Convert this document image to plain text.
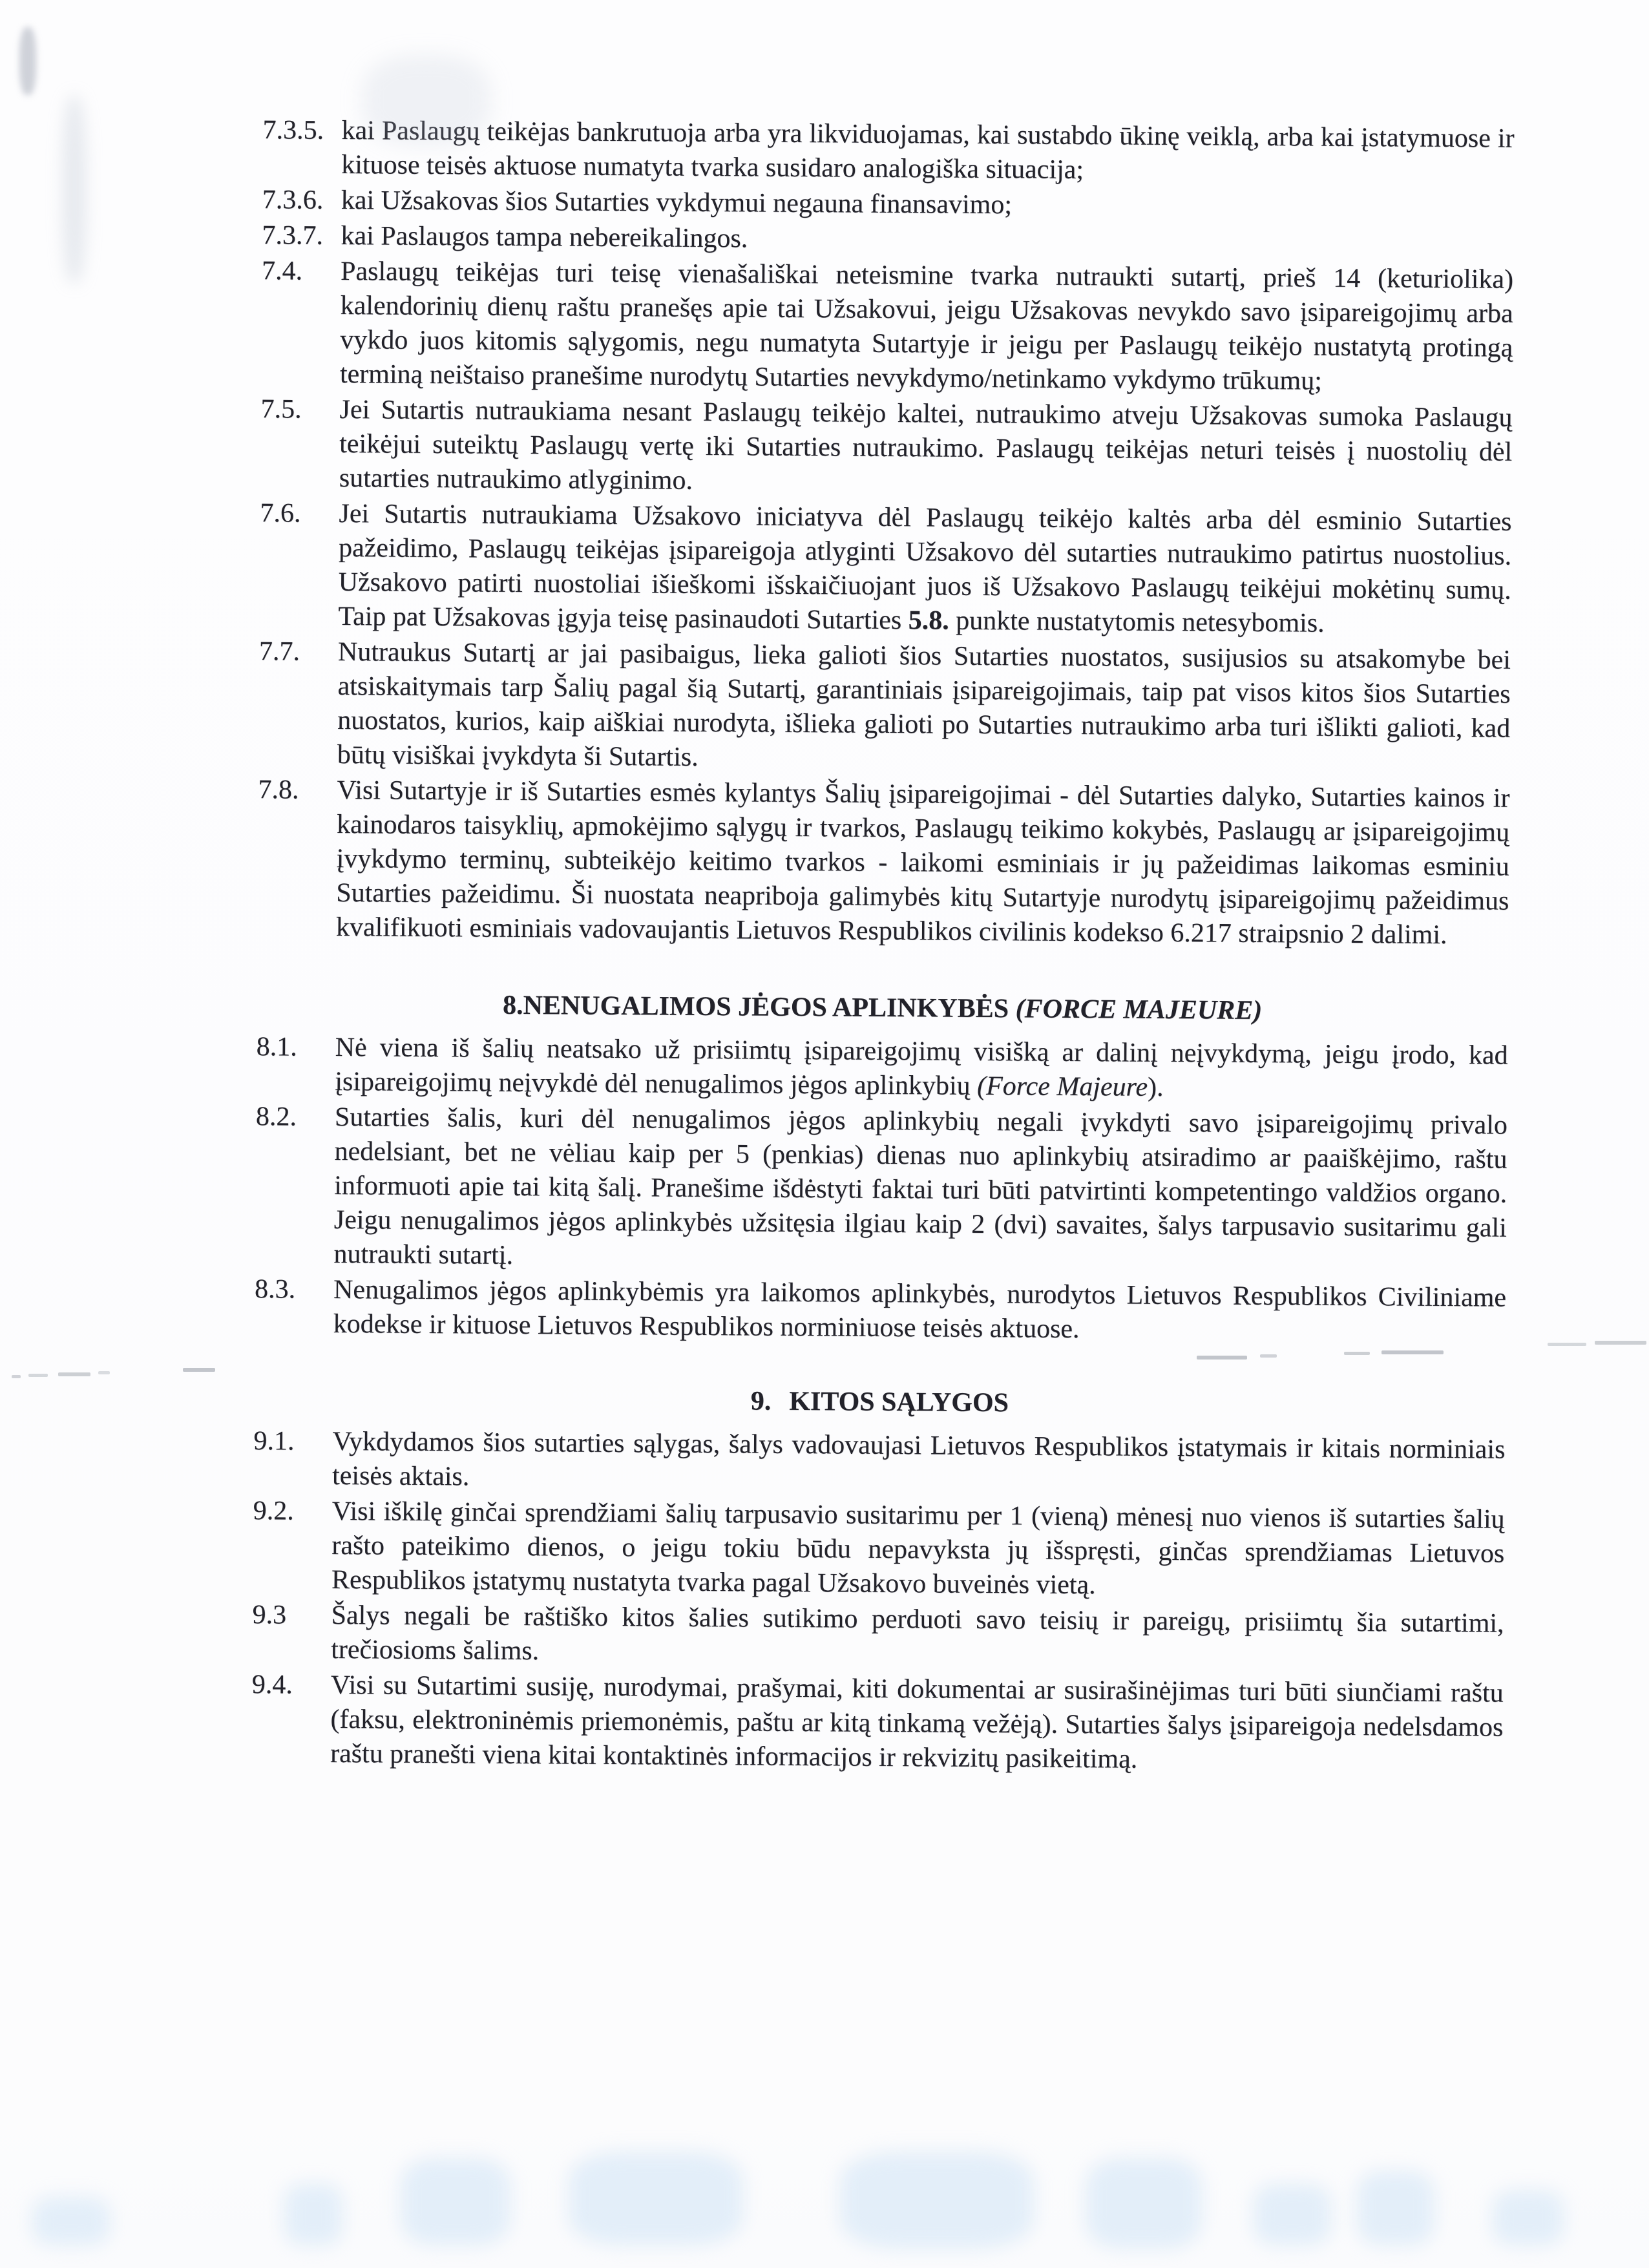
7.3.5. kai Paslaugų teikėjas bankrutuoja arba yra likviduojamas, kai sustabdo ūkinę veiklą, arba kai įstatymuose ir kituose teisės aktuose numatyta tvarka susidaro analogiška situacija;
7.3.6. kai Užsakovas šios Sutarties vykdymui negauna finansavimo;
7.3.7. kai Paslaugos tampa nebereikalingos.
7.4.	Paslaugų teikėjas turi teisę vienašališkai neteismine tvarka nutraukti sutartį, prieš 14 (keturiolika) kalendorinių dienų raštu pranešęs apie tai Užsakovui, jeigu Užsakovas nevykdo savo įsipareigojimų arba vykdo juos kitomis sąlygomis, negu numatyta Sutartyje ir jeigu per Paslaugų teikėjo nustatytą protingą terminą neištaiso pranešime nurodytų Sutarties nevykdymo/netinkamo vykdymo trūkumų;
7.5.	Jei Sutartis nutraukiama nesant Paslaugų teikėjo kaltei, nutraukimo atveju Užsakovas sumoka Paslaugų teikėjui suteiktų Paslaugų vertę iki Sutarties nutraukimo. Paslaugų teikėjas neturi teisės į nuostolių dėl sutarties nutraukimo atlyginimo.
7.6.	Jei Sutartis nutraukiama Užsakovo iniciatyva dėl Paslaugų teikėjo kaltės arba dėl esminio Sutarties pažeidimo, Paslaugų teikėjas įsipareigoja atlyginti Užsakovo dėl sutarties nutraukimo patirtus nuostolius. Užsakovo patirti nuostoliai išieškomi išskaičiuojant juos iš Užsakovo Paslaugų teikėjui mokėtinų sumų. Taip pat Užsakovas įgyja teisę pasinaudoti Sutarties 5.8. punkte nustatytomis netesybomis.
7.7.	Nutraukus Sutartį ar jai pasibaigus, lieka galioti šios Sutarties nuostatos, susijusios su atsakomybe bei atsiskaitymais tarp Šalių pagal šią Sutartį, garantiniais įsipareigojimais, taip pat visos kitos šios Sutarties nuostatos, kurios, kaip aiškiai nurodyta, išlieka galioti po Sutarties nutraukimo arba turi išlikti galioti, kad būtų visiškai įvykdyta ši Sutartis.
7.8.	Visi Sutartyje ir iš Sutarties esmės kylantys Šalių įsipareigojimai - dėl Sutarties dalyko, Sutarties kainos ir kainodaros taisyklių, apmokėjimo sąlygų ir tvarkos, Paslaugų teikimo kokybės, Paslaugų ar įsipareigojimų įvykdymo terminų, subteikėjo keitimo tvarkos - laikomi esminiais ir jų pažeidimas laikomas esminiu Sutarties pažeidimu. Ši nuostata neapriboja galimybės kitų Sutartyje nurodytų įsipareigojimų pažeidimus kvalifikuoti esminiais vadovaujantis Lietuvos Respublikos civilinis kodekso 6.217 straipsnio 2 dalimi.
8.NENUGALIMOS JĖGOS APLINKYBĖS (FORCE MAJEURE)
8.1.	Nė viena iš šalių neatsako už prisiimtų įsipareigojimų visišką ar dalinį neįvykdymą, jeigu įrodo, kad įsipareigojimų neįvykdė dėl nenugalimos jėgos aplinkybių (Force Majeure).
8.2.	Sutarties šalis, kuri dėl nenugalimos jėgos aplinkybių negali įvykdyti savo įsipareigojimų privalo nedelsiant, bet ne vėliau kaip per 5 (penkias) dienas nuo aplinkybių atsiradimo ar paaiškėjimo, raštu informuoti apie tai kitą šalį. Pranešime išdėstyti faktai turi būti patvirtinti kompetentingo valdžios organo. Jeigu nenugalimos jėgos aplinkybės užsitęsia ilgiau kaip 2 (dvi) savaites, šalys tarpusavio susitarimu gali nutraukti sutartį.
8.3.	Nenugalimos jėgos aplinkybėmis yra laikomos aplinkybės, nurodytos Lietuvos Respublikos Civiliniame kodekse ir kituose Lietuvos Respublikos norminiuose teisės aktuose.
9. KITOS SĄLYGOS
9.1.	Vykdydamos šios sutarties sąlygas, šalys vadovaujasi Lietuvos Respublikos įstatymais ir kitais norminiais teisės aktais.
9.2.	Visi iškilę ginčai sprendžiami šalių tarpusavio susitarimu per 1 (vieną) mėnesį nuo vienos iš sutarties šalių rašto pateikimo dienos, o jeigu tokiu būdu nepavyksta jų išspręsti, ginčas sprendžiamas Lietuvos Respublikos įstatymų nustatyta tvarka pagal Užsakovo buveinės vietą.
9.3	Šalys negali be raštiško kitos šalies sutikimo perduoti savo teisių ir pareigų, prisiimtų šia sutartimi, trečiosioms šalims.
9.4.	Visi su Sutartimi susiję, nurodymai, prašymai, kiti dokumentai ar susirašinėjimas turi būti siunčiami raštu (faksu, elektroninėmis priemonėmis, paštu ar kitą tinkamą vežėją). Sutarties šalys įsipareigoja nedelsdamos raštu pranešti viena kitai kontaktinės informacijos ir rekvizitų pasikeitimą.
